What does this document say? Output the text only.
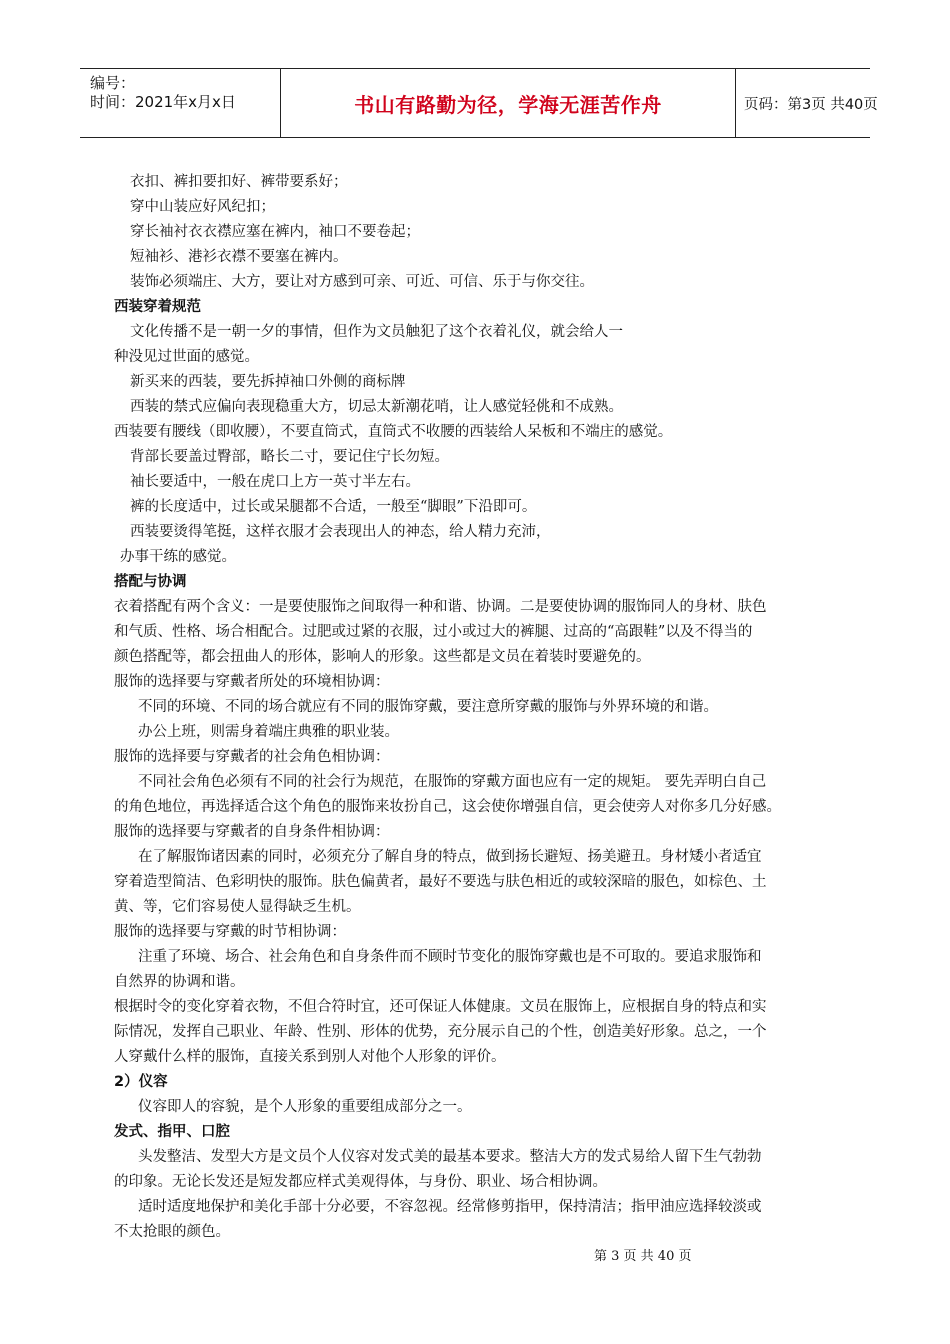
编号：
时间：2021年x月x日	书山有路勤为径，学海无涯苦作舟	页码：第3页 共40页
衣扣、裤扣要扣好、裤带要系好；
穿中山装应好风纪扣；
穿长袖衬衣衣襟应塞在裤内，袖口不要卷起；
短袖衫、港衫衣襟不要塞在裤内。
装饰必须端庄、大方，要让对方感到可亲、可近、可信、乐于与你交往。
西装穿着规范
文化传播不是一朝一夕的事情，但作为文员触犯了这个衣着礼仪，就会给人一
种没见过世面的感觉。
新买来的西装，要先拆掉袖口外侧的商标牌
西装的禁式应偏向表现稳重大方，切忌太新潮花哨，让人感觉轻佻和不成熟。
西装要有腰线（即收腰），不要直筒式，直筒式不收腰的西装给人呆板和不端庄的感觉。
背部长要盖过臀部，略长二寸，要记住宁长勿短。
袖长要适中，一般在虎口上方一英寸半左右。
裤的长度适中，过长或呆腿都不合适，一般至“脚眼”下沿即可。
西装要烫得笔挺，这样衣服才会表现出人的神态，给人精力充沛，
办事干练的感觉。
搭配与协调
衣着搭配有两个含义：一是要使服饰之间取得一种和谐、协调。二是要使协调的服饰同人的身材、肤色
和气质、性格、场合相配合。过肥或过紧的衣服，过小或过大的裤腿、过高的“高跟鞋”以及不得当的
颜色搭配等，都会扭曲人的形体，影响人的形象。这些都是文员在着装时要避免的。
服饰的选择要与穿戴者所处的环境相协调：
不同的环境、不同的场合就应有不同的服饰穿戴，要注意所穿戴的服饰与外界环境的和谐。
办公上班，则需身着端庄典雅的职业装。
服饰的选择要与穿戴者的社会角色相协调：
不同社会角色必须有不同的社会行为规范，在服饰的穿戴方面也应有一定的规矩。 要先弄明白自己
的角色地位，再选择适合这个角色的服饰来妆扮自己，这会使你增强自信，更会使旁人对你多几分好感。
服饰的选择要与穿戴者的自身条件相协调：
在了解服饰诸因素的同时，必须充分了解自身的特点，做到扬长避短、扬美避丑。身材矮小者适宜
穿着造型简洁、色彩明快的服饰。肤色偏黄者，最好不要选与肤色相近的或较深暗的服色，如棕色、土
黄、等，它们容易使人显得缺乏生机。
服饰的选择要与穿戴的时节相协调：
注重了环境、场合、社会角色和自身条件而不顾时节变化的服饰穿戴也是不可取的。要追求服饰和
自然界的协调和谐。
根据时令的变化穿着衣物，不但合符时宜，还可保证人体健康。文员在服饰上，应根据自身的特点和实
际情况，发挥自己职业、年龄、性别、形体的优势，充分展示自己的个性，创造美好形象。总之，一个
人穿戴什么样的服饰，直接关系到别人对他个人形象的评价。
2）仪容
仪容即人的容貌，是个人形象的重要组成部分之一。
发式、指甲、口腔
头发整洁、发型大方是文员个人仪容对发式美的最基本要求。整洁大方的发式易给人留下生气勃勃
的印象。无论长发还是短发都应样式美观得体，与身份、职业、场合相协调。
适时适度地保护和美化手部十分必要，不容忽视。经常修剪指甲，保持清洁；指甲油应选择较淡或
不太抢眼的颜色。
第 3 页 共 40 页
